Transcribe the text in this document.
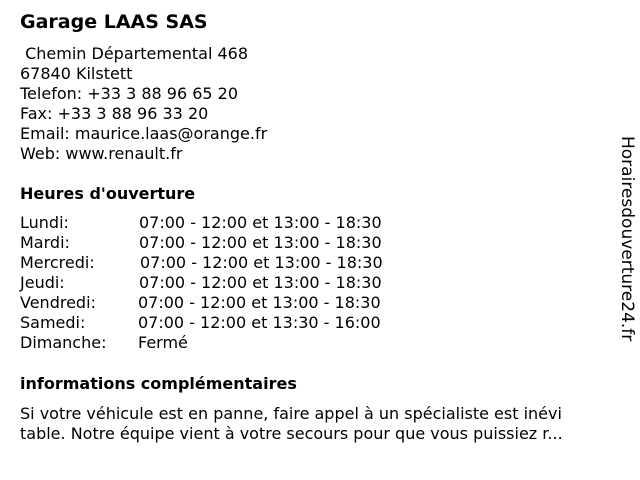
Garage LAAS SAS
Chemin Départemental 468
67840 Kilstett
Telefon: +33 3 88 96 65 20
Fax: +33 3 88 96 33 20
Email: maurice.laas@orange.fr
Web: www.renault.fr
Heures d'ouverture
Lundi:	07:00 - 12:00 et 13:00 - 18:30
Mardi:	07:00 - 12:00 et 13:00 - 18:30
Mercredi:	07:00 - 12:00 et 13:00 - 18:30
Jeudi:	07:00 - 12:00 et 13:00 - 18:30
Vendredi:	07:00 - 12:00 et 13:00 - 18:30
Samedi:	07:00 - 12:00 et 13:30 - 16:00
Dimanche: Fermé
informations complémentaires
Si votre véhicule est en panne, faire appel à un spécialiste est inévi
table. Notre équipe vient à votre secours pour que vous puissiez r...
Horairesdouverture24.fr
